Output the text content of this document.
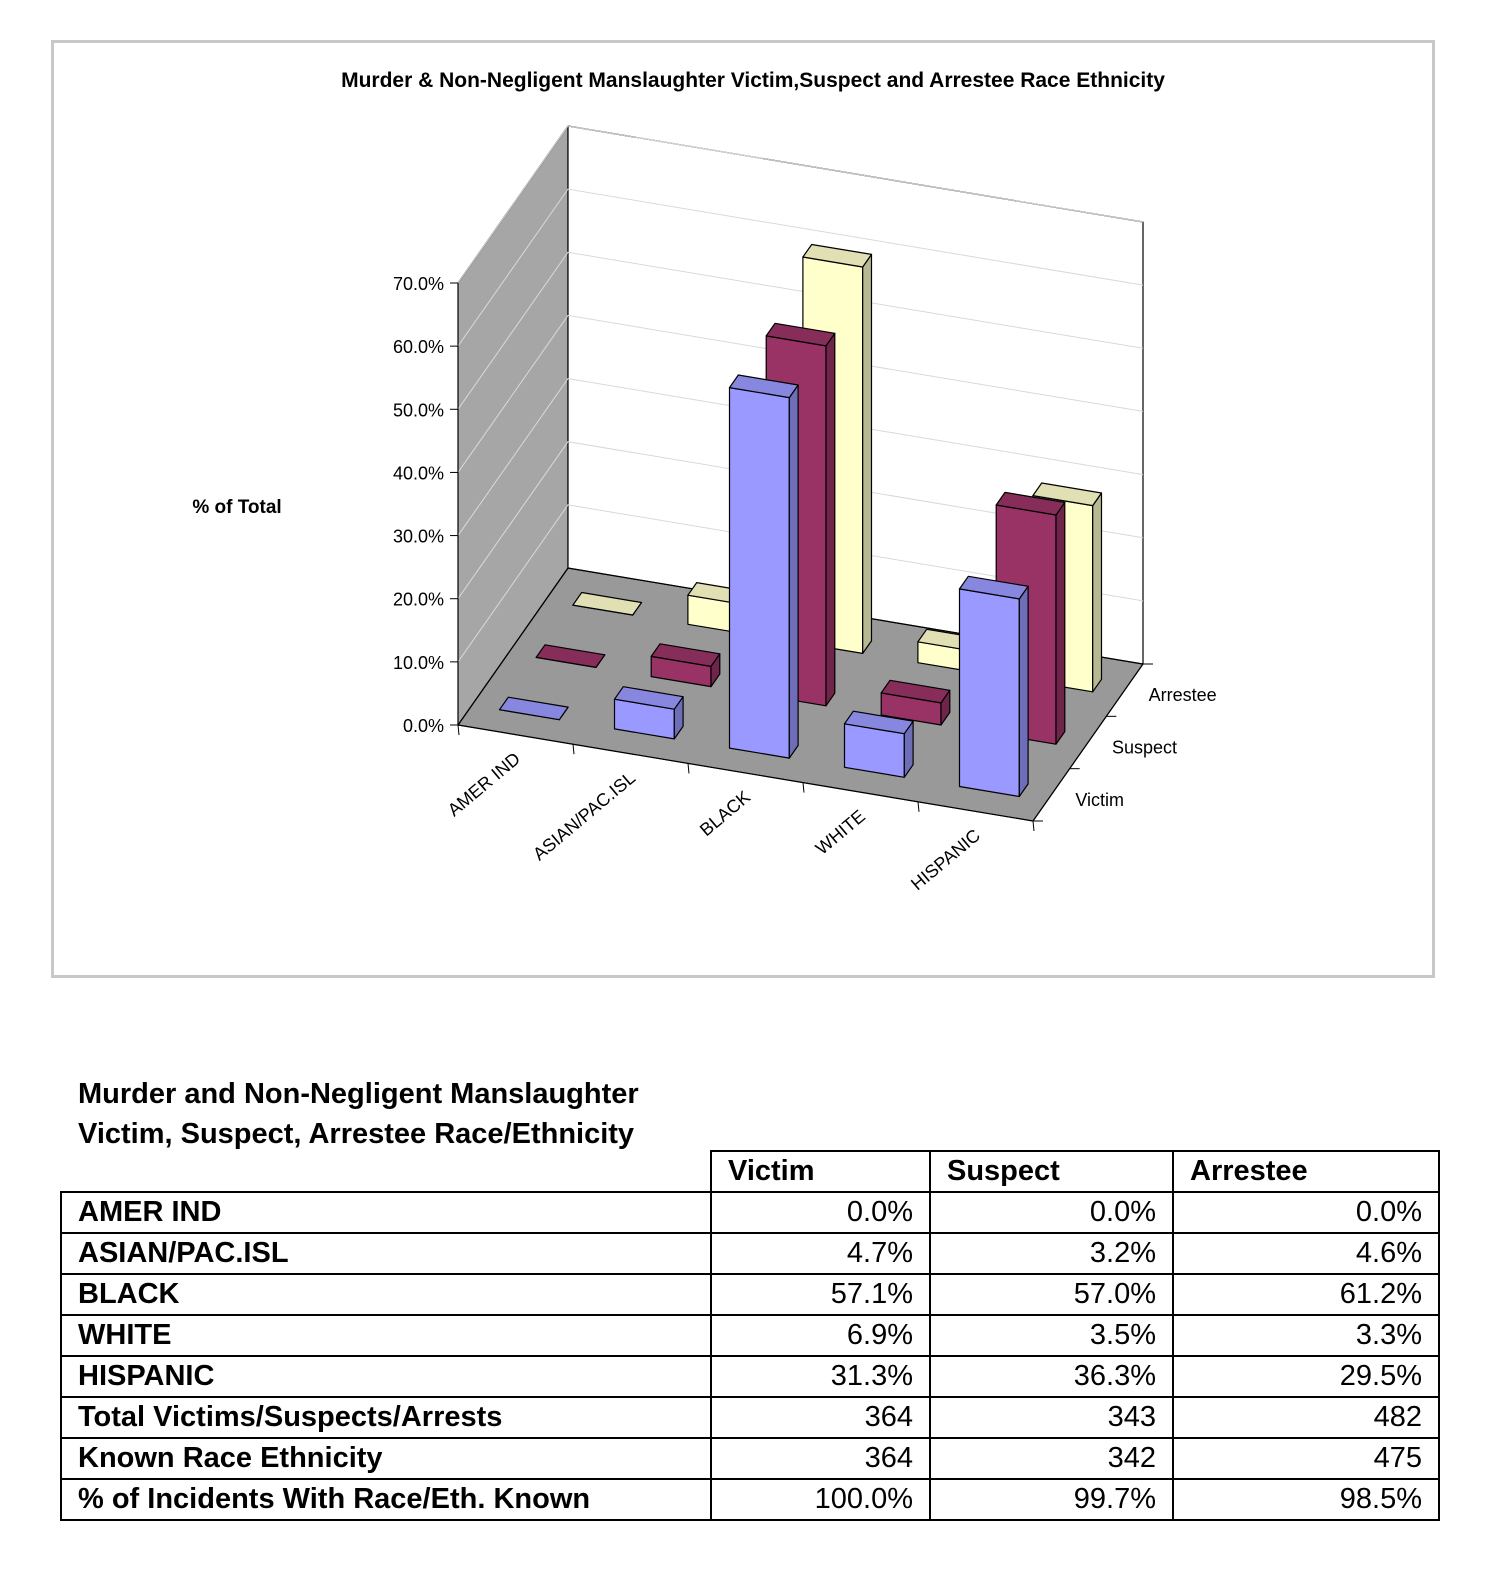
Murder & Non-Negligent Manslaughter Victim,Suspect and Arrestee Race Ethnicity
% of Total
0.0%
10.0%
20.0%
30.0%
40.0%
50.0%
60.0%
70.0%
AMER IND ASIAN/PAC.ISL	BLACK	WHITE HISPANIC
Victim
Suspect
Arrestee
Murder and Non-Negligent Manslaughter
Victim, Suspect, Arrestee Race/Ethnicity
	Victim	Suspect	Arrestee
AMER IND	0.0%	0.0%	0.0%
ASIAN/PAC.ISL	4.7%	3.2%	4.6%
BLACK	57.1%	57.0%	61.2%
WHITE	6.9%	3.5%	3.3%
HISPANIC	31.3%	36.3%	29.5%
Total Victims/Suspects/Arrests	364	343	482
Known Race Ethnicity	364	342	475
% of Incidents With Race/Eth. Known	100.0%	99.7%	98.5%
